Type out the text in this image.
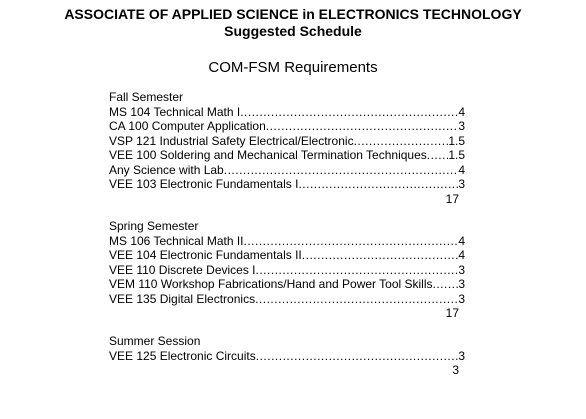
ASSOCIATE OF APPLIED SCIENCE in ELECTRONICS TECHNOLOGY
Suggested Schedule
COM-FSM Requirements
Fall Semester
MS 104 Technical Math I .....	4
CA 100 Computer Application .....	3
VSP 121 Industrial Safety Electrical/Electronic .....	1.5
VEE 100 Soldering and Mechanical Termination Techniques ..... 1.5
Any Science with Lab .....	4
VEE 103 Electronic Fundamentals I .....	3
17
Spring Semester
MS 106 Technical Math II .....	4
VEE 104 Electronic Fundamentals II .....	4
VEE 110 Discrete Devices I .....	3
VEM 110 Workshop Fabrications/Hand and Power Tool Skills ..... 3
VEE 135 Digital Electronics .....	3
17
Summer Session
VEE 125 Electronic Circuits .....	3
3
